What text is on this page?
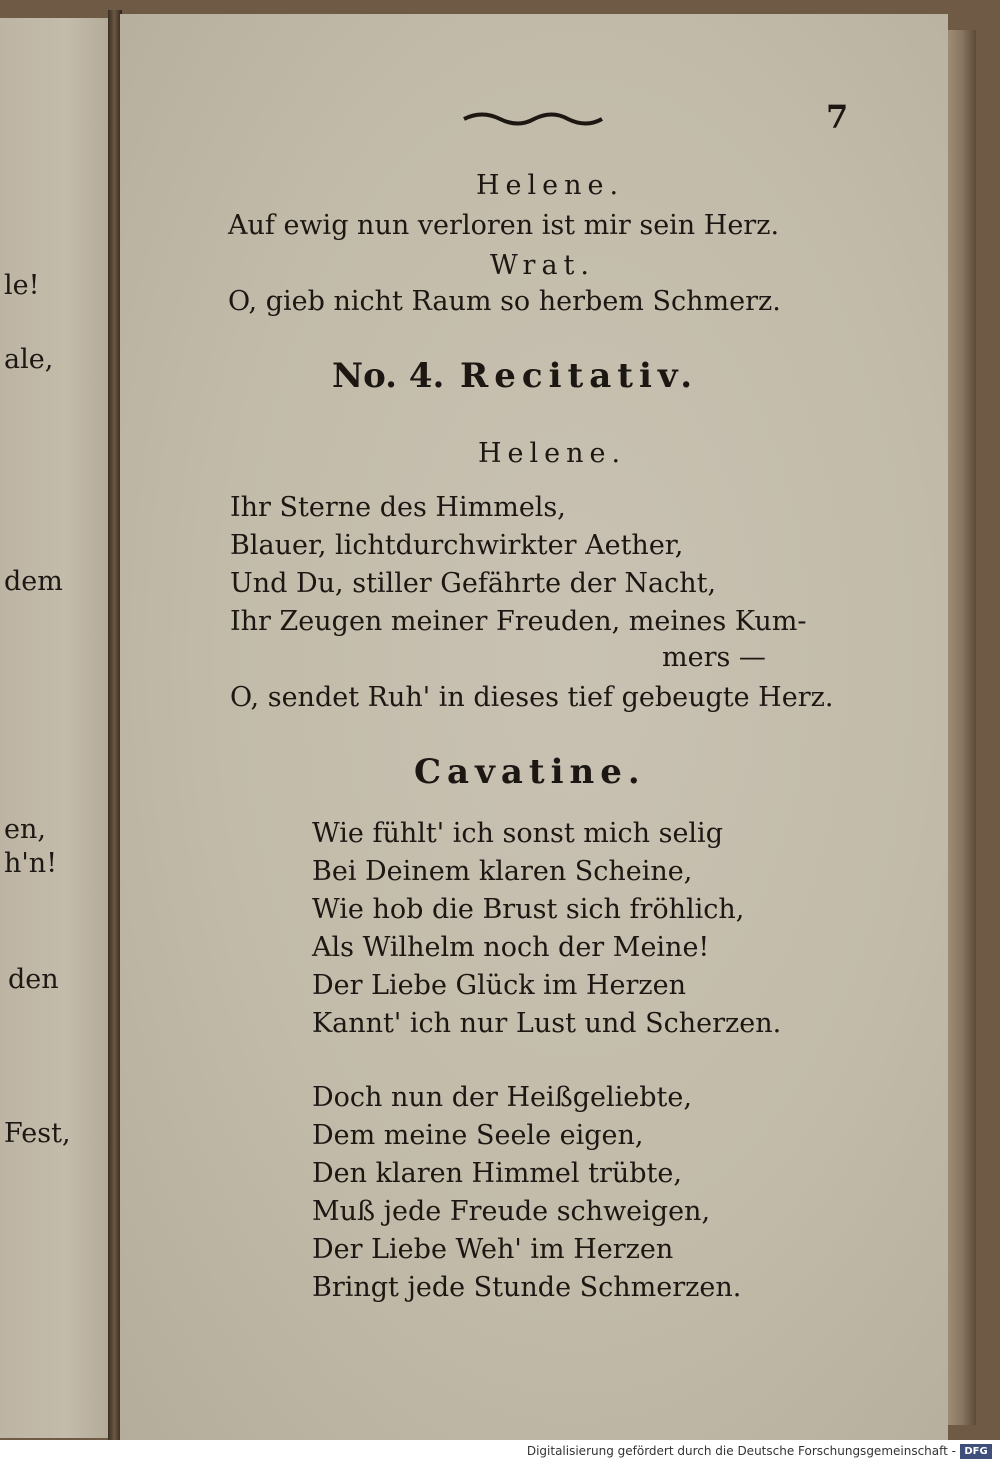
le!
ale,
dem
en,
h'n!
den
Fest,
7
Helene.
Auf ewig nun verloren ist mir sein Herz.
Wrat.
O, gieb nicht Raum so herbem Schmerz.
No. 4. Recitativ.
Helene.
Ihr Sterne des Himmels,
Blauer, lichtdurchwirkter Aether,
Und Du, stiller Gefährte der Nacht,
Ihr Zeugen meiner Freuden, meines Kum-
mers —
O, sendet Ruh' in dieses tief gebeugte Herz.
Cavatine.
Wie fühlt' ich sonst mich selig
Bei Deinem klaren Scheine,
Wie hob die Brust sich fröhlich,
Als Wilhelm noch der Meine!
Der Liebe Glück im Herzen
Kannt' ich nur Lust und Scherzen.
Doch nun der Heißgeliebte,
Dem meine Seele eigen,
Den klaren Himmel trübte,
Muß jede Freude schweigen,
Der Liebe Weh' im Herzen
Bringt jede Stunde Schmerzen.
Digitalisierung gefördert durch die Deutsche Forschungsgemeinschaft - DFG
